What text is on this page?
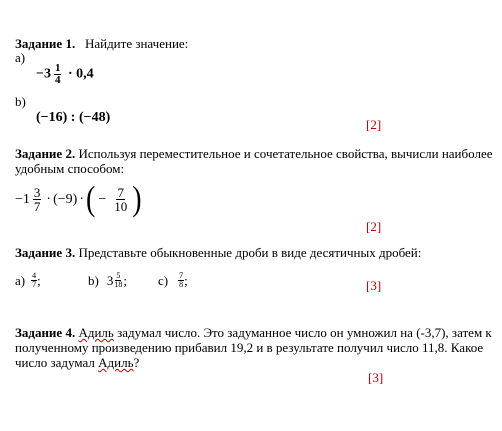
Задание 1. Найдите значение:
a)
$-3 \frac{1}{4} \cdot 0,4$
b)
(−16) : (−48)	[2]
Задание 2. Используя переместительное и сочетательное свойства, вычисли наиболее
удобным способом:
$-1 \frac{3}{7} \cdot (-9)$ · ( − $\frac{7}{10}$ )
[2]
Задание 3. Представьте обыкновенные дроби в виде десятичных дробей:
$a) \frac{4}{7}$ ;	b) $3 \frac{5}{18}$ ; $c) \frac{7}{8}$ ;	[3]
Задание 4. Адиль задумал число. Это задуманное число он умножил на (-3,7), затем к
полученному произведению прибавил 19,2 и в результате получил число 11,8. Какое
число задумал Адиль?
[3]
